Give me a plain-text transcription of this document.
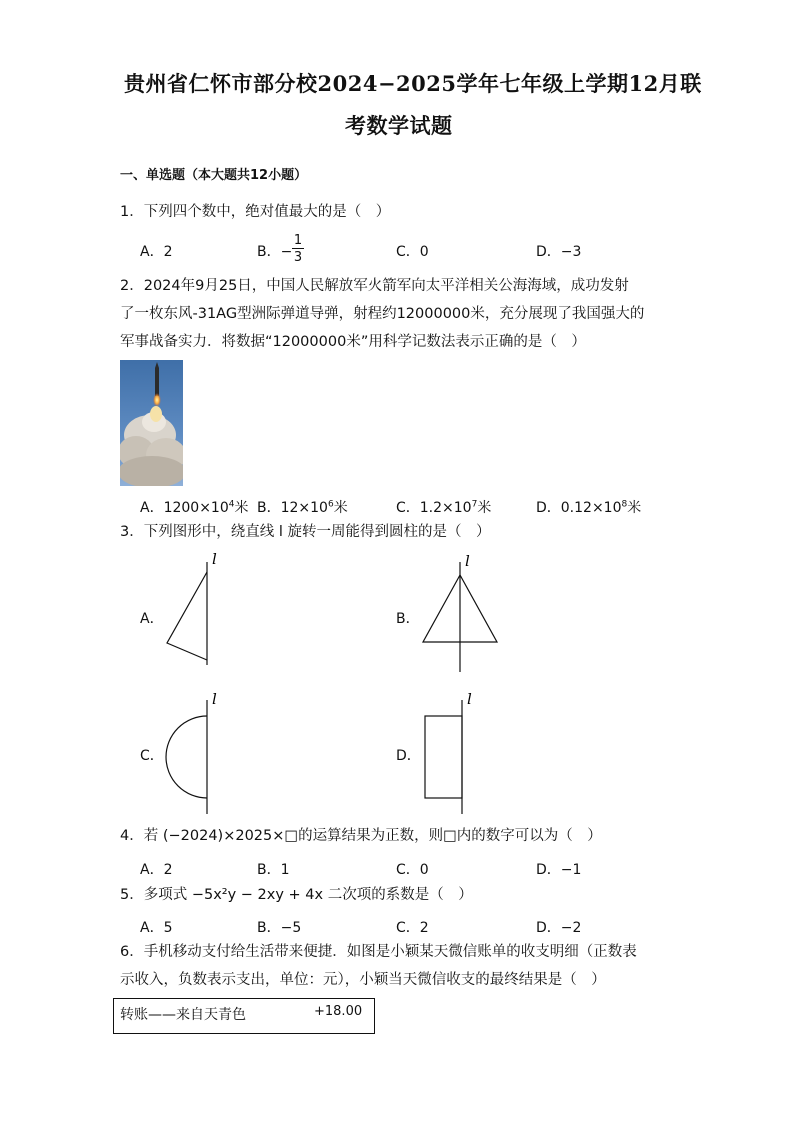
贵州省仁怀市部分校2024−2025学年七年级上学期12月联
考数学试题
一、单选题（本大题共12小题）
1．下列四个数中，绝对值最大的是（　）
A．2	B．−
1
3	C．0	D．−3
2．2024年9月25日，中国人民解放军火箭军向太平洋相关公海海域，成功发射
了一枚东风-31AG型洲际弹道导弹，射程约12000000米，充分展现了我国强大的
军事战备实力．将数据“12000000米”用科学记数法表示正确的是（　）
A．$1200\times 10^4$米 B．$12\times 10^6$米	C．$1.2\times 10^7$米	D．$0.12\times 10^8$米
3．下列图形中，绕直线 l 旋转一周能得到圆柱的是（　）
A．
l
B．
l
C．
l
D．
l
4．若 (−2024)×2025×□的运算结果为正数，则□内的数字可以为（　）
A．2	B．1	C．0	D．−1
5．多项式 −5x²y − 2xy + 4x 二次项的系数是（　）
A．5	B．−5	C．2	D．−2
6．手机移动支付给生活带来便捷．如图是小颖某天微信账单的收支明细（正数表
示收入，负数表示支出，单位：元），小颖当天微信收支的最终结果是（　）
转账——来自天青色	+18.00
